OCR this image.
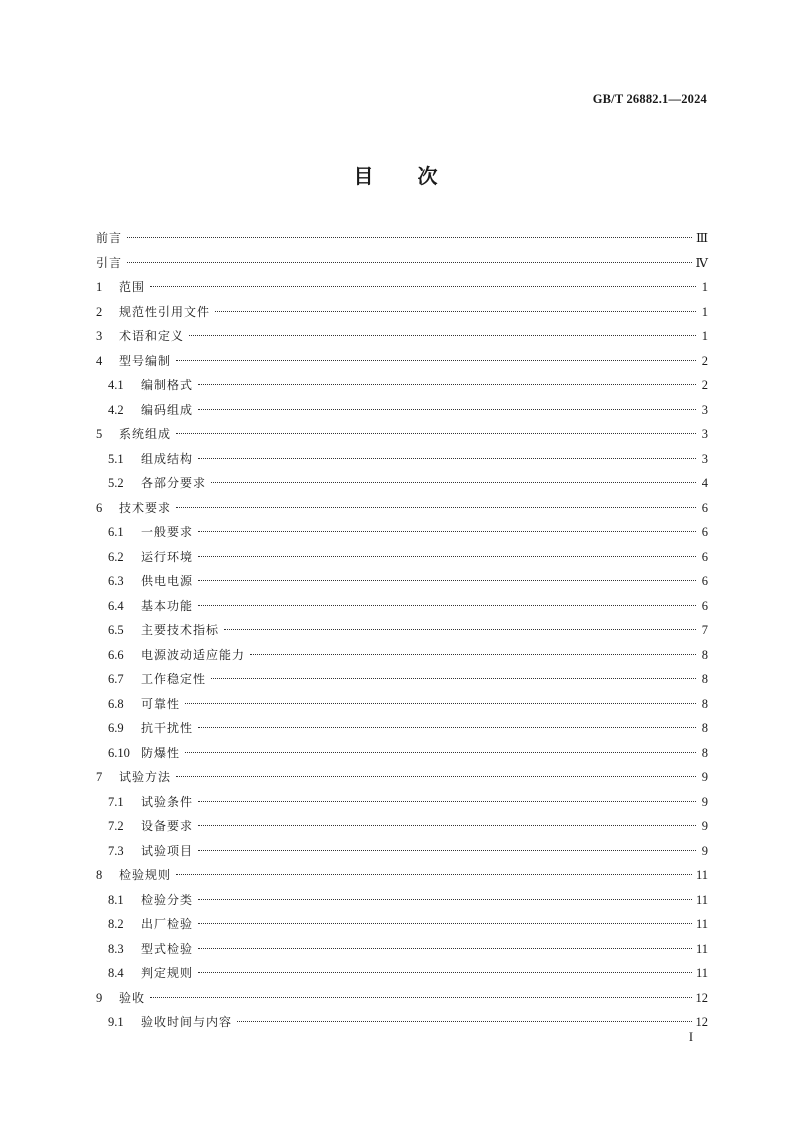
GB/T 26882.1—2024
目 次
前言	Ⅲ
引言	Ⅳ
1	范围	1
2	规范性引用文件	1
3	术语和定义	1
4	型号编制	2
4.1	编制格式	2
4.2	编码组成	3
5	系统组成	3
5.1	组成结构	3
5.2	各部分要求	4
6	技术要求	6
6.1	一般要求	6
6.2	运行环境	6
6.3	供电电源	6
6.4	基本功能	6
6.5	主要技术指标	7
6.6	电源波动适应能力	8
6.7	工作稳定性	8
6.8	可靠性	8
6.9	抗干扰性	8
6.10 防爆性	8
7	试验方法	9
7.1	试验条件	9
7.2	设备要求	9
7.3	试验项目	9
8	检验规则	11
8.1	检验分类	11
8.2	出厂检验	11
8.3	型式检验	11
8.4	判定规则	11
9	验收	12
9.1	验收时间与内容	12
I
